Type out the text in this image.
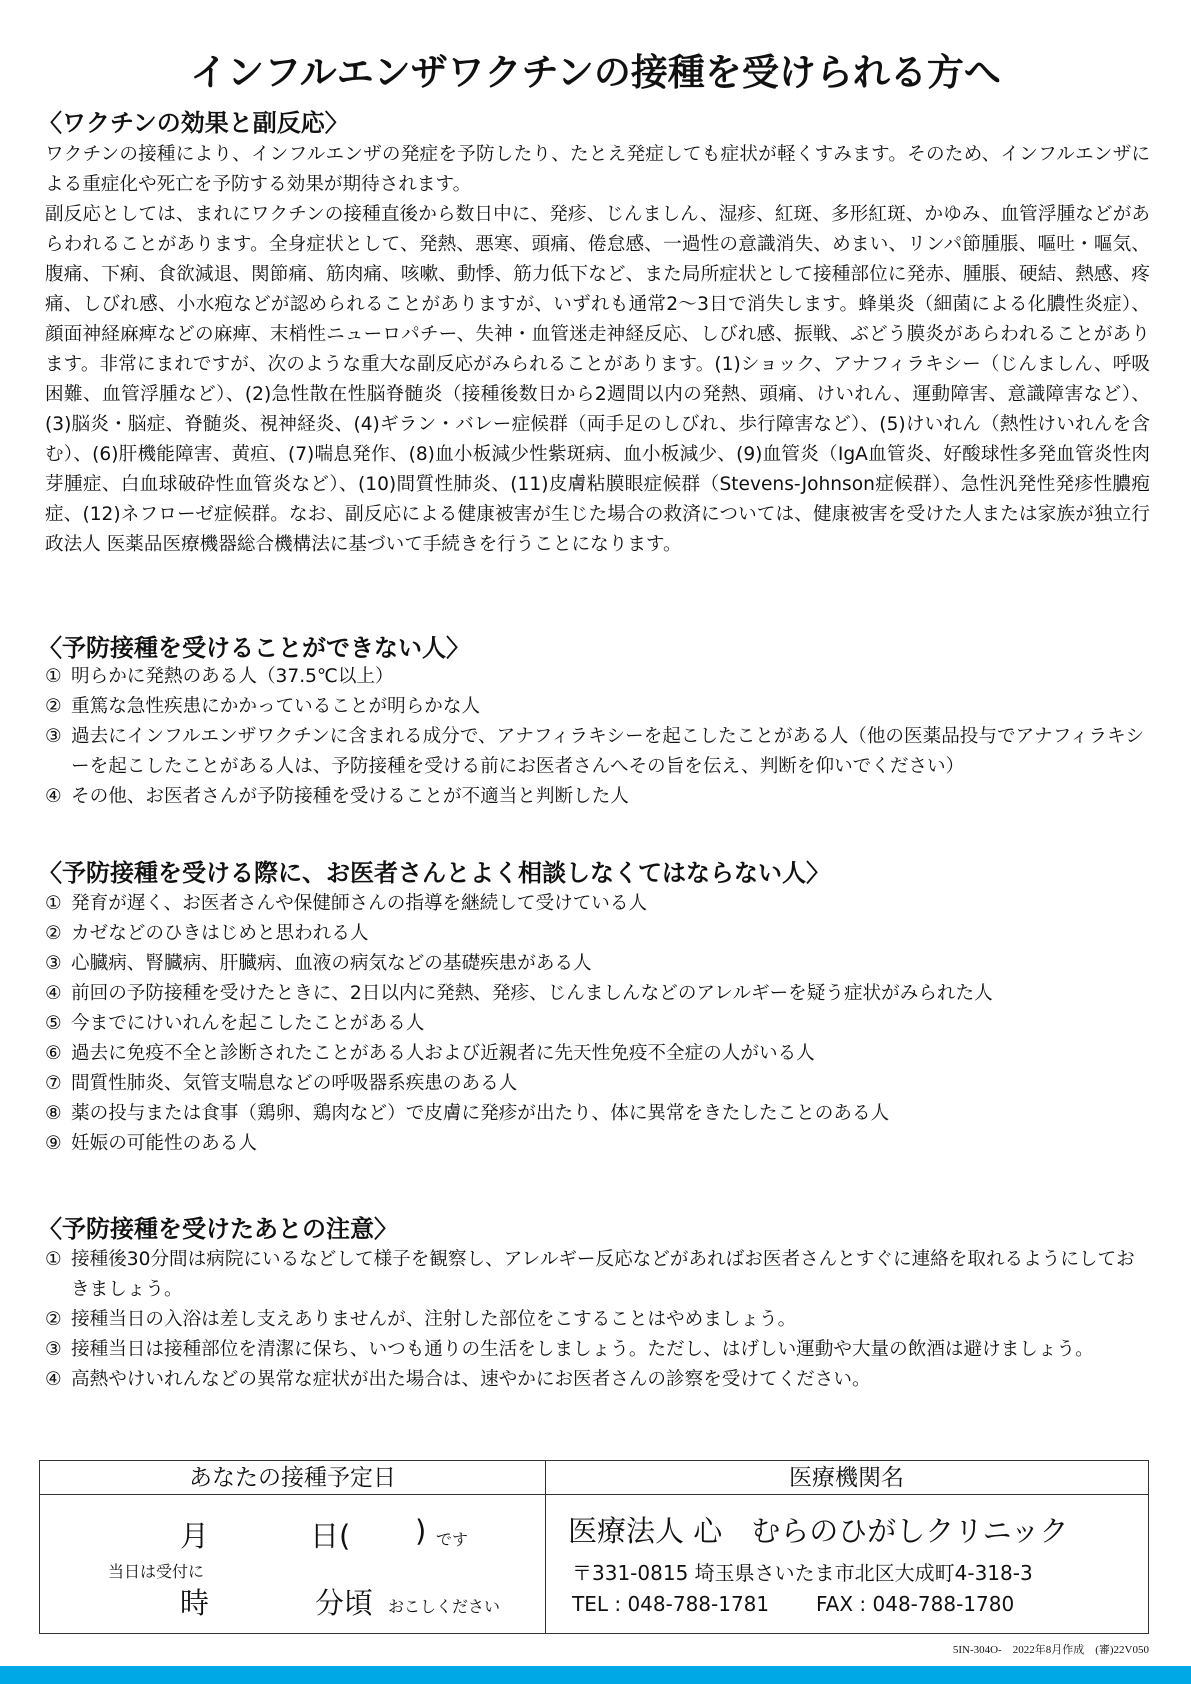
インフルエンザワクチンの接種を受けられる方へ
〈ワクチンの効果と副反応〉

ワクチンの接種により、インフルエンザの発症を予防したり、たとえ発症しても症状が軽くすみます。そのため、インフルエンザによる重症化や死亡を予防する効果が期待されます。

副反応としては、まれにワクチンの接種直後から数日中に、発疹、じんましん、湿疹、紅斑、多形紅斑、かゆみ、血管浮腫などがあらわれることがあります。全身症状として、発熱、悪寒、頭痛、倦怠感、一過性の意識消失、めまい、リンパ節腫脹、嘔吐・嘔気、腹痛、下痢、食欲減退、関節痛、筋肉痛、咳嗽、動悸、筋力低下など、また局所症状として接種部位に発赤、腫脹、硬結、熱感、疼痛、しびれ感、小水疱などが認められることがありますが、いずれも通常2〜3日で消失します。蜂巣炎（細菌による化膿性炎症）、顔面神経麻痺などの麻痺、末梢性ニューロパチー、失神・血管迷走神経反応、しびれ感、振戦、ぶどう膜炎があらわれることがあります。非常にまれですが、次のような重大な副反応がみられることがあります。(1)ショック、アナフィラキシー（じんましん、呼吸困難、血管浮腫など）、(2)急性散在性脳脊髄炎（接種後数日から2週間以内の発熱、頭痛、けいれん、運動障害、意識障害など）、(3)脳炎・脳症、脊髄炎、視神経炎、(4)ギラン・バレー症候群（両手足のしびれ、歩行障害など）、(5)けいれん（熱性けいれんを含む）、(6)肝機能障害、黄疸、(7)喘息発作、(8)血小板減少性紫斑病、血小板減少、(9)血管炎（IgA血管炎、好酸球性多発血管炎性肉芽腫症、白血球破砕性血管炎など）、(10)間質性肺炎、(11)皮膚粘膜眼症候群（Stevens-Johnson症候群）、急性汎発性発疹性膿疱症、(12)ネフローゼ症候群。なお、副反応による健康被害が生じた場合の救済については、健康被害を受けた人または家族が独立行政法人 医薬品医療機器総合機構法に基づいて手続きを行うことになります。

〈予防接種を受けることができない人〉
① 明らかに発熱のある人（37.5℃以上）
② 重篤な急性疾患にかかっていることが明らかな人
③ 過去にインフルエンザワクチンに含まれる成分で、アナフィラキシーを起こしたことがある人（他の医薬品投与でアナフィラキシーを起こしたことがある人は、予防接種を受ける前にお医者さんへその旨を伝え、判断を仰いでください）
④ その他、お医者さんが予防接種を受けることが不適当と判断した人
〈予防接種を受ける際に、お医者さんとよく相談しなくてはならない人〉
① 発育が遅く、お医者さんや保健師さんの指導を継続して受けている人
② カゼなどのひきはじめと思われる人
③ 心臓病、腎臓病、肝臓病、血液の病気などの基礎疾患がある人
④ 前回の予防接種を受けたときに、2日以内に発熱、発疹、じんましんなどのアレルギーを疑う症状がみられた人
⑤ 今までにけいれんを起こしたことがある人
⑥ 過去に免疫不全と診断されたことがある人および近親者に先天性免疫不全症の人がいる人
⑦ 間質性肺炎、気管支喘息などの呼吸器系疾患のある人
⑧ 薬の投与または食事（鶏卵、鶏肉など）で皮膚に発疹が出たり、体に異常をきたしたことのある人
⑨ 妊娠の可能性のある人
〈予防接種を受けたあとの注意〉
① 接種後30分間は病院にいるなどして様子を観察し、アレルギー反応などがあればお医者さんとすぐに連絡を取れるようにしておきましょう。
② 接種当日の入浴は差し支えありませんが、注射した部位をこすることはやめましょう。
③ 接種当日は接種部位を清潔に保ち、いつも通りの生活をしましょう。ただし、はげしい運動や大量の飲酒は避けましょう。
④ 高熱やけいれんなどの異常な症状が出た場合は、速やかにお医者さんの診察を受けてください。
あなたの接種予定日	医療機関名
月	日( ) です
当日は受付に
時	分頃 おこしください
医療法人 心　むらのひがしクリニック
〒331-0815 埼玉県さいたま市北区大成町4-318-3
TEL : 048-788-1781 FAX : 048-788-1780
5IN-304O-　2022年8月作成　(審)22V050
